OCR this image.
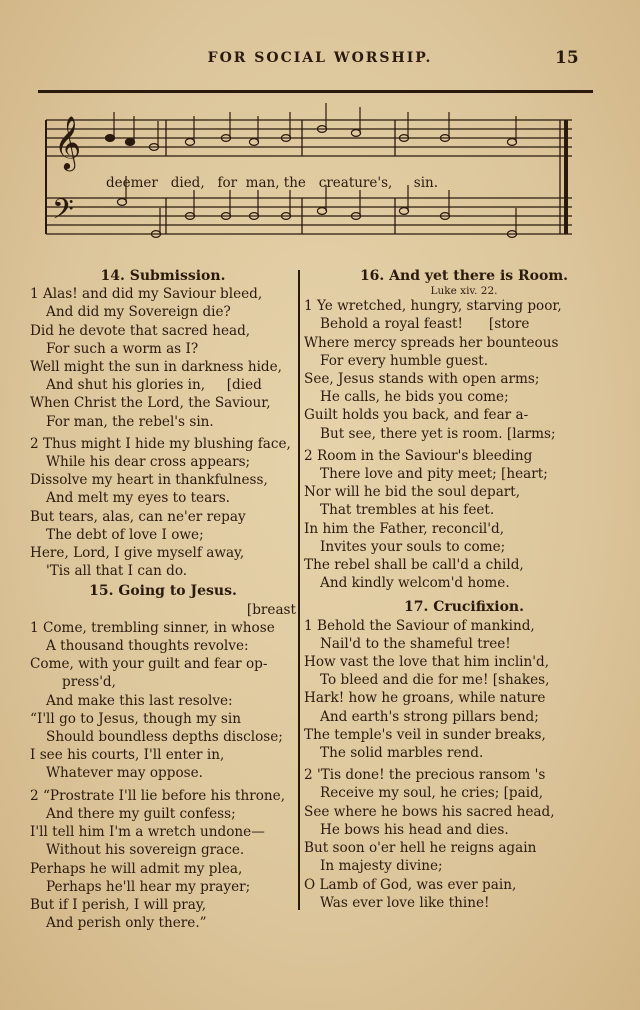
FOR SOCIAL WORSHIP.	15
𝄞
𝄢
deemer   died,   for  man, the   creature's,     sin.
14. Submission.
1 Alas! and did my Saviour bleed,
And did my Sovereign die?
Did he devote that sacred head,
For such a worm as I?
Well might the sun in darkness hide,
And shut his glories in,     [died
When Christ the Lord, the Saviour,
For man, the rebel's sin.
2 Thus might I hide my blushing face,
While his dear cross appears;
Dissolve my heart in thankfulness,
And melt my eyes to tears.
But tears, alas, can ne'er repay
The debt of love I owe;
Here, Lord, I give myself away,
'Tis all that I can do.
15. Going to Jesus.
[breast
1 Come, trembling sinner, in whose
A thousand thoughts revolve:
Come, with your guilt and fear op-
press'd,
And make this last resolve:
“I'll go to Jesus, though my sin
Should boundless depths disclose;
I see his courts, I'll enter in,
Whatever may oppose.
2 “Prostrate I'll lie before his throne,
And there my guilt confess;
I'll tell him I'm a wretch undone—
Without his sovereign grace.
Perhaps he will admit my plea,
Perhaps he'll hear my prayer;
But if I perish, I will pray,
And perish only there.”
16. And yet there is Room.
Luke xiv. 22.
1 Ye wretched, hungry, starving poor,
Behold a royal feast!      [store
Where mercy spreads her bounteous
For every humble guest.
See, Jesus stands with open arms;
He calls, he bids you come;
Guilt holds you back, and fear a-
But see, there yet is room. [larms;
2 Room in the Saviour's bleeding
There love and pity meet; [heart;
Nor will he bid the soul depart,
That trembles at his feet.
In him the Father, reconcil'd,
Invites your souls to come;
The rebel shall be call'd a child,
And kindly welcom'd home.
17. Crucifixion.
1 Behold the Saviour of mankind,
Nail'd to the shameful tree!
How vast the love that him inclin'd,
To bleed and die for me! [shakes,
Hark! how he groans, while nature
And earth's strong pillars bend;
The temple's veil in sunder breaks,
The solid marbles rend.
2 'Tis done! the precious ransom 's
Receive my soul, he cries; [paid,
See where he bows his sacred head,
He bows his head and dies.
But soon o'er hell he reigns again
In majesty divine;
O Lamb of God, was ever pain,
Was ever love like thine!
